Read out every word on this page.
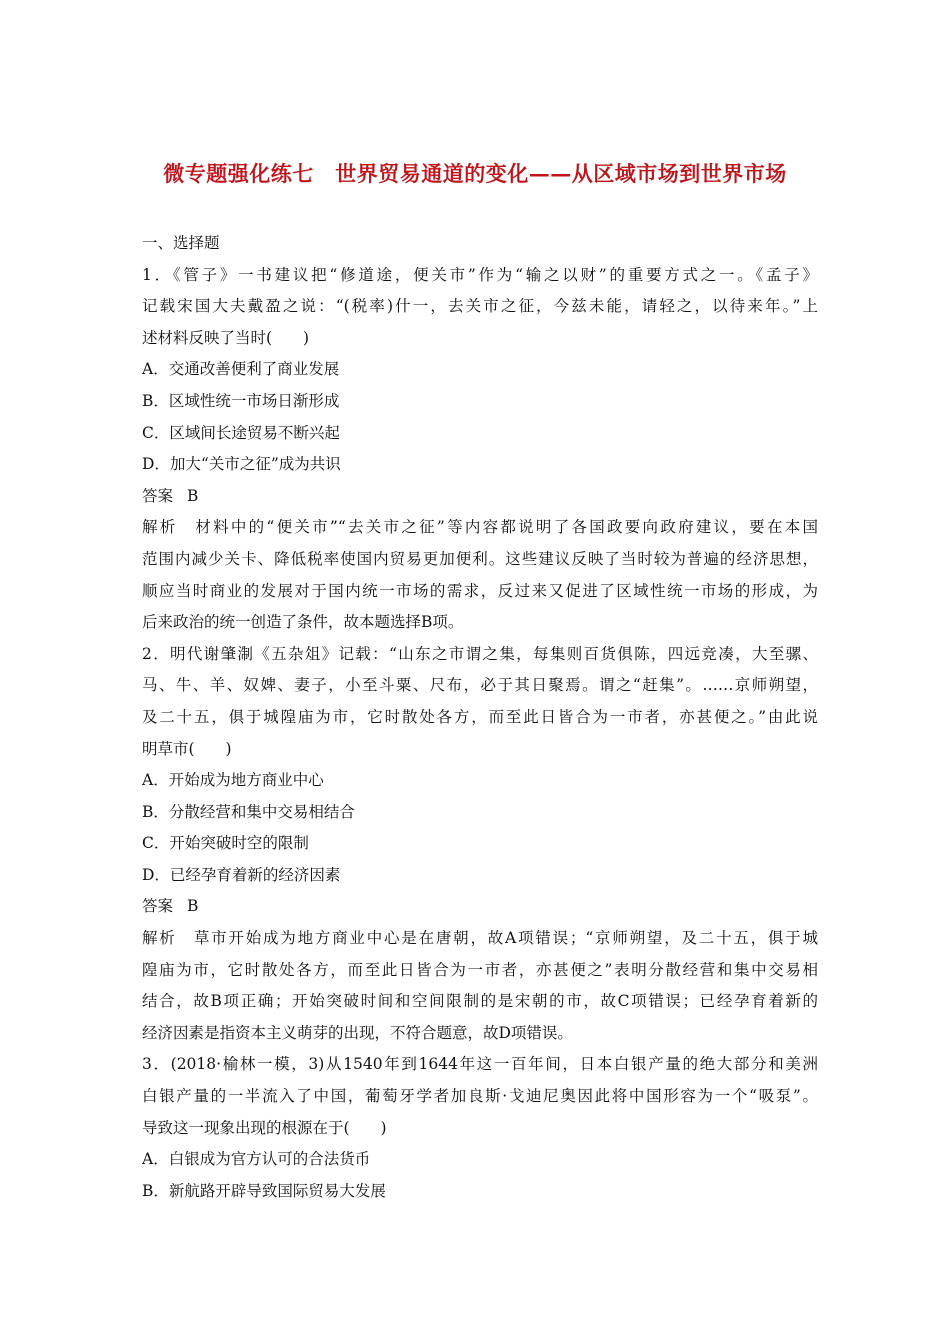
微专题强化练七　世界贸易通道的变化——从区域市场到世界市场
一、选择题
1．《管子》一书建议把“修道途，便关市”作为“输之以财”的重要方式之一。《孟子》
记载宋国大夫戴盈之说：“(税率)什一，去关市之征，今兹未能，请轻之，以待来年。”上
述材料反映了当时(　　)
A．交通改善便利了商业发展
B．区域性统一市场日渐形成
C．区域间长途贸易不断兴起
D．加大“关市之征”成为共识
答案 B
解析　材料中的“便关市”“去关市之征”等内容都说明了各国政要向政府建议，要在本国
范围内减少关卡、降低税率使国内贸易更加便利。这些建议反映了当时较为普遍的经济思想，
顺应当时商业的发展对于国内统一市场的需求，反过来又促进了区域性统一市场的形成，为
后来政治的统一创造了条件，故本题选择B项。
2．明代谢肇淛《五杂俎》记载：“山东之市谓之集，每集则百货俱陈，四远竞凑，大至骡、
马、牛、羊、奴婢、妻子，小至斗粟、尺布，必于其日聚焉。谓之“赶集”。……京师朔望，
及二十五，俱于城隍庙为市，它时散处各方，而至此日皆合为一市者，亦甚便之。”由此说
明草市(　　)
A．开始成为地方商业中心
B．分散经营和集中交易相结合
C．开始突破时空的限制
D．已经孕育着新的经济因素
答案 B
解析　草市开始成为地方商业中心是在唐朝，故A项错误；“京师朔望，及二十五，俱于城
隍庙为市，它时散处各方，而至此日皆合为一市者，亦甚便之”表明分散经营和集中交易相
结合，故B项正确；开始突破时间和空间限制的是宋朝的市，故C项错误；已经孕育着新的
经济因素是指资本主义萌芽的出现，不符合题意，故D项错误。
3．(2018·榆林一模，3)从1540年到1644年这一百年间，日本白银产量的绝大部分和美洲
白银产量的一半流入了中国，葡萄牙学者加良斯·戈迪尼奥因此将中国形容为一个“吸泵”。
导致这一现象出现的根源在于(　　)
A．白银成为官方认可的合法货币
B．新航路开辟导致国际贸易大发展
